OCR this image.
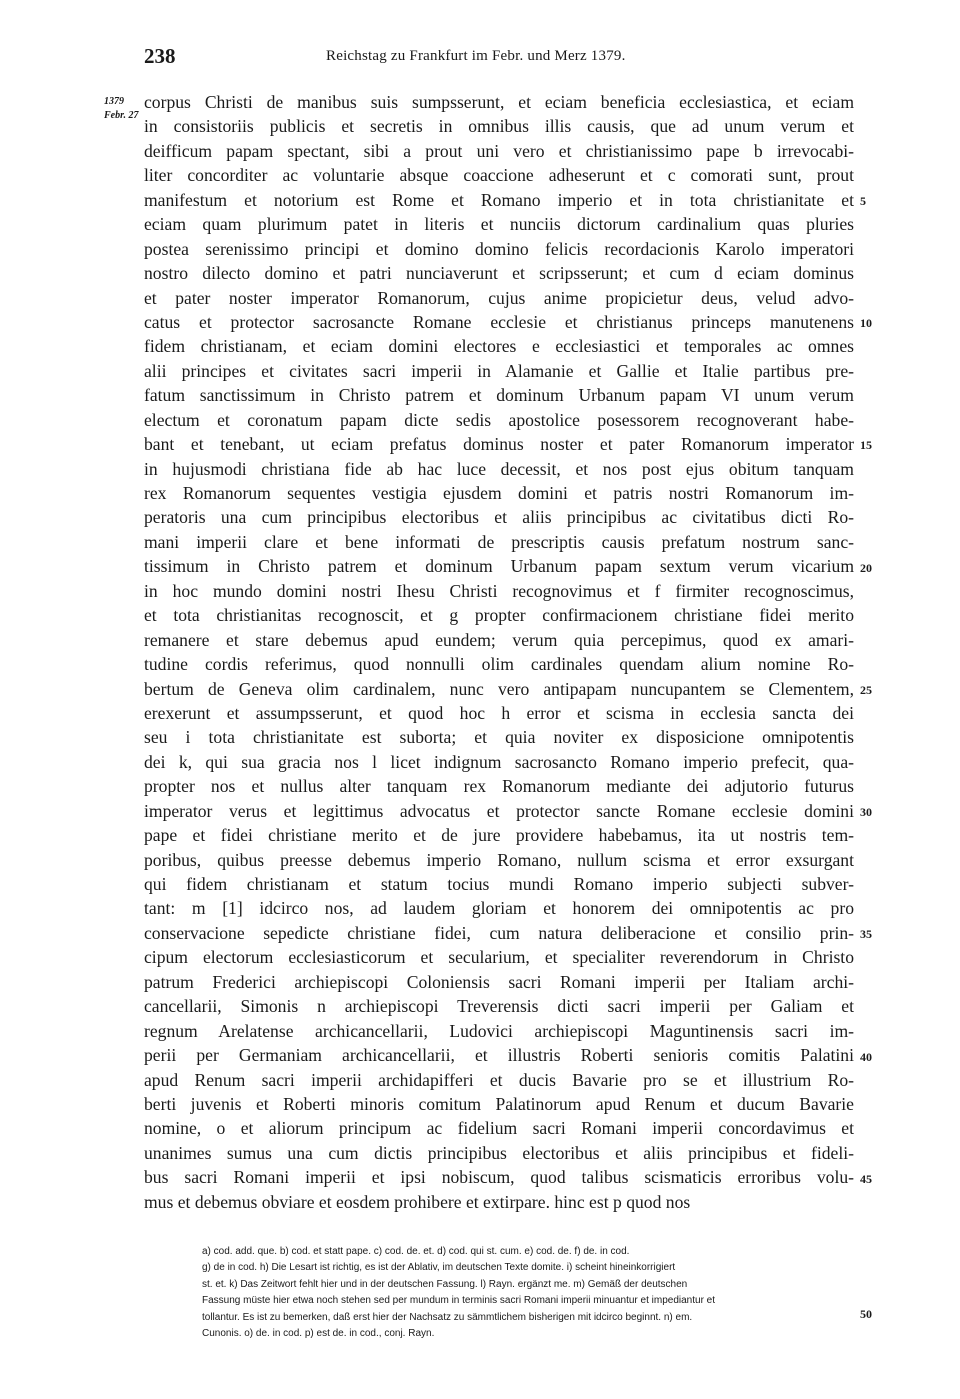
238	Reichstag zu Frankfurt im Febr. und Merz 1379.
1379
Febr. 27
corpus Christi de manibus suis sumpsserunt, et eciam beneficia ecclesiastica, et eciam
in consistoriis publicis et secretis in omnibus illis causis, que ad unum verum et
deifficum papam spectant, sibi a prout uni vero et christianissimo pape b irrevocabi-
liter concorditer ac voluntarie absque coaccione adheserunt et c comorati sunt, prout
manifestum et notorium est Rome et Romano imperio et in tota christianitate et
eciam quam plurimum patet in literis et nunciis dictorum cardinalium quas pluries
postea serenissimo principi et domino domino felicis recordacionis Karolo imperatori
nostro dilecto domino et patri nunciaverunt et scripsserunt; et cum d eciam dominus
et pater noster imperator Romanorum, cujus anime propicietur deus, velud advo-
catus et protector sacrosancte Romane ecclesie et christianus princeps manutenens
fidem christianam, et eciam domini electores e ecclesiastici et temporales ac omnes
alii principes et civitates sacri imperii in Alamanie et Gallie et Italie partibus pre-
fatum sanctissimum in Christo patrem et dominum Urbanum papam VI unum verum
electum et coronatum papam dicte sedis apostolice posessorem recognoverant habe-
bant et tenebant, ut eciam prefatus dominus noster et pater Romanorum imperator
in hujusmodi christiana fide ab hac luce decessit, et nos post ejus obitum tanquam
rex Romanorum sequentes vestigia ejusdem domini et patris nostri Romanorum im-
peratoris una cum principibus electoribus et aliis principibus ac civitatibus dicti Ro-
mani imperii clare et bene informati de prescriptis causis prefatum nostrum sanc-
tissimum in Christo patrem et dominum Urbanum papam sextum verum vicarium
in hoc mundo domini nostri Ihesu Christi recognovimus et f firmiter recognoscimus,
et tota christianitas recognoscit, et g propter confirmacionem christiane fidei merito
remanere et stare debemus apud eundem; verum quia percepimus, quod ex amari-
tudine cordis referimus, quod nonnulli olim cardinales quendam alium nomine Ro-
bertum de Geneva olim cardinalem, nunc vero antipapam nuncupantem se Clementem,
erexerunt et assumpsserunt, et quod hoc h error et scisma in ecclesia sancta dei
seu i tota christianitate est suborta; et quia noviter ex disposicione omnipotentis
dei k, qui sua gracia nos l licet indignum sacrosancto Romano imperio prefecit, qua-
propter nos et nullus alter tanquam rex Romanorum mediante dei adjutorio futurus
imperator verus et legittimus advocatus et protector sancte Romane ecclesie domini
pape et fidei christiane merito et de jure providere habebamus, ita ut nostris tem-
poribus, quibus preesse debemus imperio Romano, nullum scisma et error exsurgant
qui fidem christianam et statum tocius mundi Romano imperio subjecti subver-
tant: m [1] idcirco nos, ad laudem gloriam et honorem dei omnipotentis ac pro
conservacione sepedicte christiane fidei, cum natura deliberacione et consilio prin-
cipum electorum ecclesiasticorum et secularium, et specialiter reverendorum in Christo
patrum Frederici archiepiscopi Coloniensis sacri Romani imperii per Italiam archi-
cancellarii, Simonis n archiepiscopi Treverensis dicti sacri imperii per Galiam et
regnum Arelatense archicancellarii, Ludovici archiepiscopi Maguntinensis sacri im-
perii per Germaniam archicancellarii, et illustris Roberti senioris comitis Palatini
apud Renum sacri imperii archidapifferi et ducis Bavarie pro se et illustrium Ro-
berti juvenis et Roberti minoris comitum Palatinorum apud Renum et ducum Bavarie
nomine, o et aliorum principum ac fidelium sacri Romani imperii concordavimus et
unanimes sumus una cum dictis principibus electoribus et aliis principibus et fideli-
bus sacri Romani imperii et ipsi nobiscum, quod talibus scismaticis erroribus volu-
mus et debemus obviare et eosdem prohibere et extirpare. hinc est p quod nos
5
10
15
20
25
30
35
40
45
a) cod. add. que. b) cod. et statt pape. c) cod. de. et. d) cod. qui st. cum. e) cod. de. f) de. in cod.
g) de in cod. h) Die Lesart ist richtig, es ist der Ablativ, im deutschen Texte domite. i) scheint hineinkorrigiert
st. et. k) Das Zeitwort fehlt hier und in der deutschen Fassung. l) Rayn. ergänzt me. m) Gemäß der deutschen
Fassung müste hier etwa noch stehen sed per mundum in terminis sacri Romani imperii minuantur et impediantur et
tollantur. Es ist zu bemerken, daß erst hier der Nachsatz zu sämmtlichem bisherigen mit idcirco beginnt. n) em.
Cunonis. o) de. in cod. p) est de. in cod., conj. Rayn.
50
